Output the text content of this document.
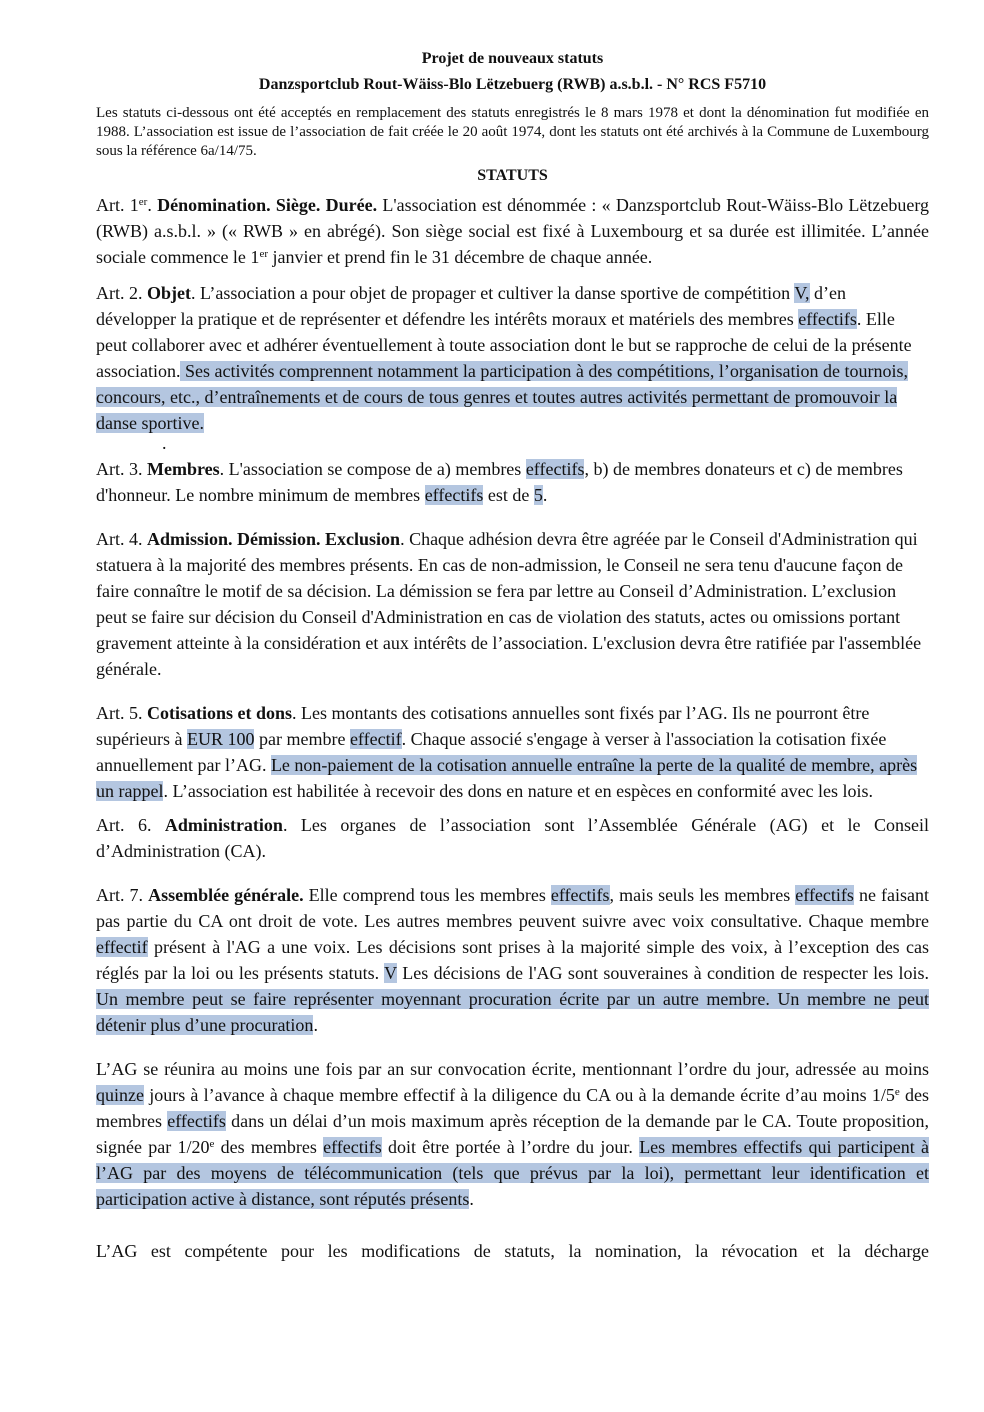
Projet de nouveaux statuts

Danzsportclub Rout-Wäiss-Blo Lëtzebuerg (RWB) a.s.b.l. - N° RCS F5710

Les statuts ci-dessous ont été acceptés en remplacement des statuts enregistrés le 8 mars 1978 et dont la dénomination fut modifiée en 1988. L’association est issue de l’association de fait créée le 20 août 1974, dont les statuts ont été archivés à la Commune de Luxembourg sous la référence 6a/14/75.

STATUTS

Art. 1er. Dénomination. Siège. Durée. L'association est dénommée : « Danzsportclub Rout-Wäiss-Blo Lëtzebuerg (RWB) a.s.b.l. » (« RWB » en abrégé). Son siège social est fixé à Luxembourg et sa durée est illimitée. L’année sociale commence le 1er janvier et prend fin le 31 décembre de chaque année.

Art. 2. Objet. L’association a pour objet de propager et cultiver la danse sportive de compétition V, d’en développer la pratique et de représenter et défendre les intérêts moraux et matériels des membres effectifs. Elle peut collaborer avec et adhérer éventuellement à toute association dont le but se rapproche de celui de la présente association. Ses activités comprennent notamment la participation à des compétitions, l’organisation de tournois, concours, etc., d’entraînements et de cours de tous genres et toutes autres activités permettant de promouvoir la danse sportive.

.

Art. 3. Membres. L'association se compose de a) membres effectifs, b) de membres donateurs et c) de membres d'honneur. Le nombre minimum de membres effectifs est de 5.

Art. 4. Admission. Démission. Exclusion. Chaque adhésion devra être agréée par le Conseil d'Administration qui statuera à la majorité des membres présents. En cas de non-admission, le Conseil ne sera tenu d'aucune façon de faire connaître le motif de sa décision. La démission se fera par lettre au Conseil d’Administration. L’exclusion peut se faire sur décision du Conseil d'Administration en cas de violation des statuts, actes ou omissions portant gravement atteinte à la considération et aux intérêts de l’association. L'exclusion devra être ratifiée par l'assemblée générale.

Art. 5. Cotisations et dons. Les montants des cotisations annuelles sont fixés par l’AG. Ils ne pourront être supérieurs à EUR 100 par membre effectif. Chaque associé s'engage à verser à l'association la cotisation fixée annuellement par l’AG. Le non-paiement de la cotisation annuelle entraîne la perte de la qualité de membre, après un rappel. L’association est habilitée à recevoir des dons en nature et en espèces en conformité avec les lois.

Art. 6. Administration. Les organes de l’association sont l’Assemblée Générale (AG) et le Conseil d’Administration (CA).

Art. 7. Assemblée générale. Elle comprend tous les membres effectifs, mais seuls les membres effectifs ne faisant pas partie du CA ont droit de vote. Les autres membres peuvent suivre avec voix consultative. Chaque membre effectif présent à l'AG a une voix. Les décisions sont prises à la majorité simple des voix, à l’exception des cas réglés par la loi ou les présents statuts. V Les décisions de l'AG sont souveraines à condition de respecter les lois. Un membre peut se faire représenter moyennant procuration écrite par un autre membre. Un membre ne peut détenir plus d’une procuration.

L’AG se réunira au moins une fois par an sur convocation écrite, mentionnant l’ordre du jour, adressée au moins quinze jours à l’avance à chaque membre effectif à la diligence du CA ou à la demande écrite d’au moins 1/5e des membres effectifs dans un délai d’un mois maximum après réception de la demande par le CA. Toute proposition, signée par 1/20e des membres effectifs doit être portée à l’ordre du jour. Les membres effectifs qui participent à l’AG par des moyens de télécommunication (tels que prévus par la loi), permettant leur identification et participation active à distance, sont réputés présents.

L’AG est compétente pour les modifications de statuts, la nomination, la révocation et la décharge
